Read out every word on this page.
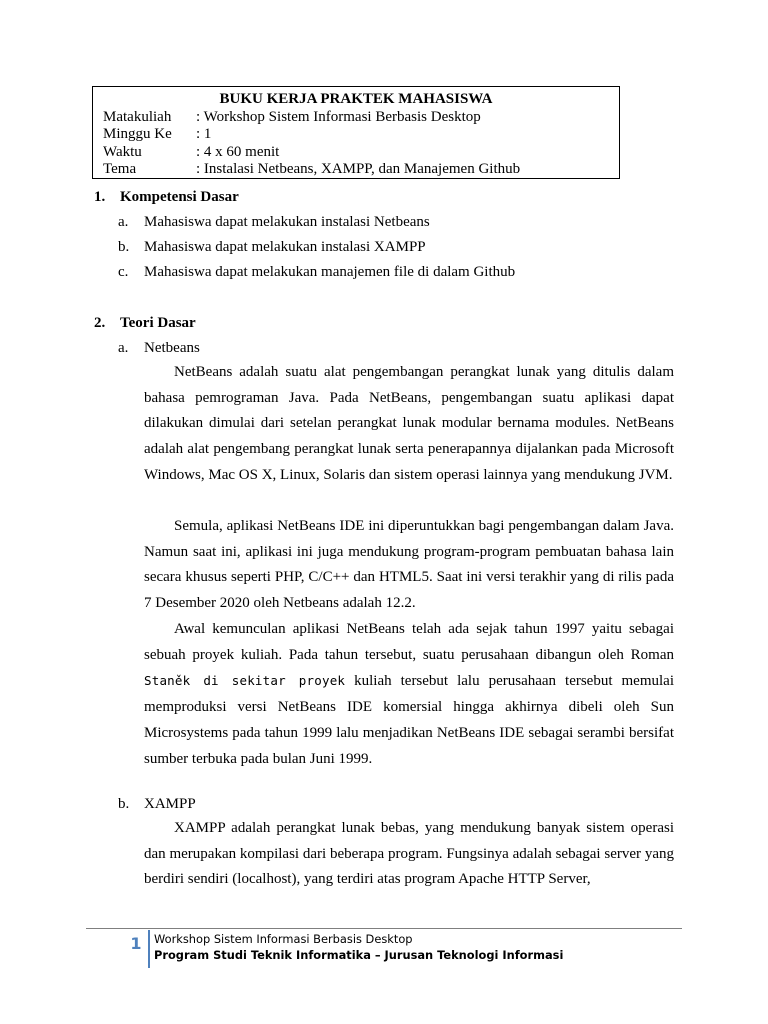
BUKU KERJA PRAKTEK MAHASISWA
Matakuliah	: Workshop Sistem Informasi Berbasis Desktop
Minggu Ke	: 1
Waktu	: 4 x 60 menit
Tema	: Instalasi Netbeans, XAMPP, dan Manajemen Github
1. Kompetensi Dasar
a. Mahasiswa dapat melakukan instalasi Netbeans
b. Mahasiswa dapat melakukan instalasi XAMPP
c. Mahasiswa dapat melakukan manajemen file di dalam Github
2. Teori Dasar
a. Netbeans
NetBeans adalah suatu alat pengembangan perangkat lunak yang ditulis dalam bahasa pemrograman Java. Pada NetBeans, pengembangan suatu aplikasi dapat dilakukan dimulai dari setelan perangkat lunak modular bernama modules. NetBeans adalah alat pengembang perangkat lunak serta penerapannya dijalankan pada Microsoft Windows, Mac OS X, Linux, Solaris dan sistem operasi lainnya yang mendukung JVM.
Semula, aplikasi NetBeans IDE ini diperuntukkan bagi pengembangan dalam Java. Namun saat ini, aplikasi ini juga mendukung program-program pembuatan bahasa lain secara khusus seperti PHP, C/C++ dan HTML5. Saat ini versi terakhir yang di rilis pada 7 Desember 2020 oleh Netbeans adalah 12.2.
Awal kemunculan aplikasi NetBeans telah ada sejak tahun 1997 yaitu sebagai sebuah proyek kuliah. Pada tahun tersebut, suatu perusahaan dibangun oleh Roman Staněk di sekitar proyek kuliah tersebut lalu perusahaan tersebut memulai memproduksi versi NetBeans IDE komersial hingga akhirnya dibeli oleh Sun Microsystems pada tahun 1999 lalu menjadikan NetBeans IDE sebagai serambi bersifat sumber terbuka pada bulan Juni 1999.
b. XAMPP
XAMPP adalah perangkat lunak bebas, yang mendukung banyak sistem operasi dan merupakan kompilasi dari beberapa program. Fungsinya adalah sebagai server yang berdiri sendiri (localhost), yang terdiri atas program Apache HTTP Server,
1	Workshop Sistem Informasi Berbasis Desktop
Program Studi Teknik Informatika – Jurusan Teknologi Informasi
